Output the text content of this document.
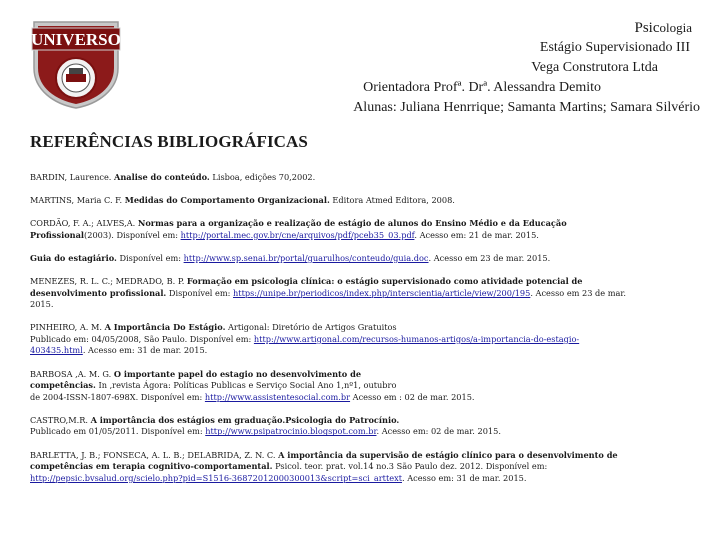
UNIVERSO
Psicologia
Estágio Supervisionado III
Vega Construtora Ltda
Orientadora Profª. Drª. Alessandra Demito
Alunas: Juliana Henrrique; Samanta Martins; Samara Silvério
REFERÊNCIAS BIBLIOGRÁFICAS
BARDIN, Laurence. Analise do conteúdo. Lisboa, edições 70,2002.
MARTINS, Maria C. F. Medidas do Comportamento Organizacional. Editora Atmed Editora, 2008.
CORDÃO, F. A.; ALVES,A. Normas para a organização e realização de estágio de alunos do Ensino Médio e da Educação
Profissional(2003). Disponível em: http://portal.mec.gov.br/cne/arquivos/pdf/pceb35_03.pdf. Acesso em: 21 de mar. 2015.
Guia do estagiário. Disponível em: http://www.sp.senai.br/portal/guarulhos/conteudo/guia.doc. Acesso em 23 de mar. 2015.
MENEZES, R. L. C.; MEDRADO, B. P. Formação em psicologia clínica: o estágio supervisionado como atividade potencial de
desenvolvimento profissional. Disponível em: https://unipe.br/periodicos/index.php/interscientia/article/view/200/195. Acesso em 23 de mar.
2015.
PINHEIRO, A. M. A Importância Do Estágio. Artigonal: Diretório de Artigos Gratuitos
Publicado em: 04/05/2008, São Paulo. Disponível em: http://www.artigonal.com/recursos-humanos-artigos/a-importancia-do-estagio-
403435.html. Acesso em: 31 de mar. 2015.
BARBOSA ,A. M. G. O importante papel do estagio no desenvolvimento de
competências. In ,revista Ágora: Políticas Publicas e Serviço Social Ano 1,nº1, outubro
de 2004-ISSN-1807-698X. Disponível em: http://www.assistentesocial.com.br Acesso em : 02 de mar. 2015.
CASTRO,M.R. A importância dos estágios em graduação.Psicologia do Patrocínio.
Publicado em 01/05/2011. Disponível em: http://www.psipatrocinio.blogspot.com.br. Acesso em: 02 de mar. 2015.
BARLETTA, J. B.; FONSECA, A. L. B.; DELABRIDA, Z. N. C. A importância da supervisão de estágio clínico para o desenvolvimento de
competências em terapia cognitivo-comportamental. Psicol. teor. prat. vol.14 no.3 São Paulo dez. 2012. Disponível em:
http://pepsic.bvsalud.org/scielo.php?pid=S1516-36872012000300013&script=sci_arttext. Acesso em: 31 de mar. 2015.
